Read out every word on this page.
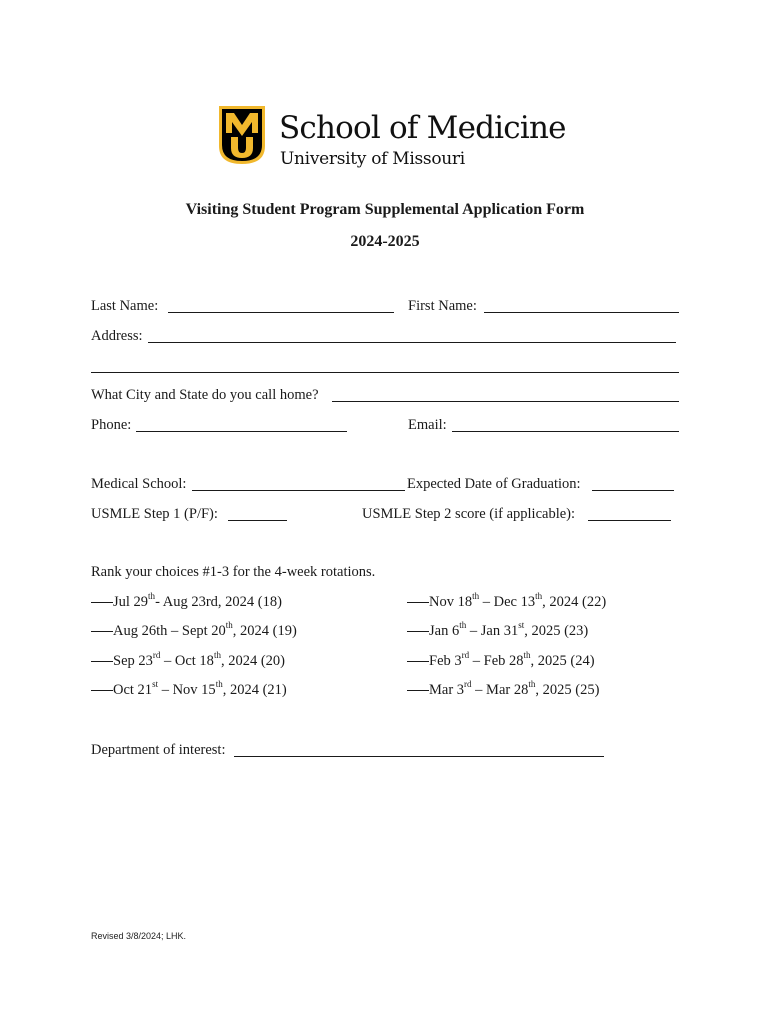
School of Medicine
University of Missouri
Visiting Student Program Supplemental Application Form
2024-2025
Last Name:	First Name:
Address:
What City and State do you call home?
Phone:	Email:
Medical School:	Expected Date of Graduation:
USMLE Step 1 (P/F):	USMLE Step 2 score (if applicable):
Rank your choices #1-3 for the 4-week rotations.
Jul 29th- Aug 23rd, 2024 (18)
Aug 26th – Sept 20th, 2024 (19)
Sep 23rd – Oct 18th, 2024 (20)
Oct 21st – Nov 15th, 2024 (21)
Nov 18th – Dec 13th, 2024 (22)
Jan 6th – Jan 31st, 2025 (23)
Feb 3rd – Feb 28th, 2025 (24)
Mar 3rd – Mar 28th, 2025 (25)
Department of interest:
Revised 3/8/2024; LHK.
